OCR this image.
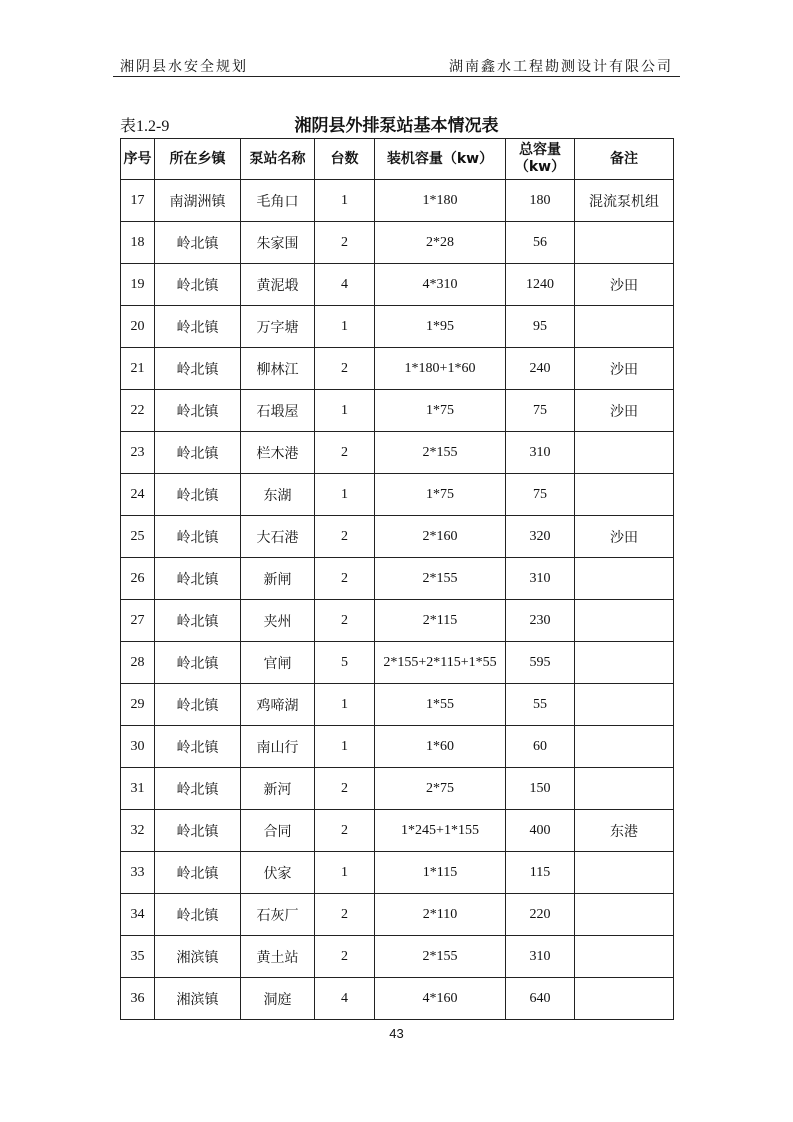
湘阴县水安全规划	湖南鑫水工程勘测设计有限公司
表1.2-9	湘阴县外排泵站基本情况表
序号	所在乡镇	泵站名称	台数	装机容量（kw）	总容量（kw）	备注
17	南湖洲镇	毛角口	1	1*180	180	混流泵机组
18	岭北镇	朱家围	2	2*28	56	
19	岭北镇	黄泥塅	4	4*310	1240	沙田
20	岭北镇	万字塘	1	1*95	95	
21	岭北镇	柳林江	2	1*180+1*60	240	沙田
22	岭北镇	石塅屋	1	1*75	75	沙田
23	岭北镇	栏木港	2	2*155	310	
24	岭北镇	东湖	1	1*75	75	
25	岭北镇	大石港	2	2*160	320	沙田
26	岭北镇	新闸	2	2*155	310	
27	岭北镇	夹州	2	2*115	230	
28	岭北镇	官闸	5	2*155+2*115+1*55	595	
29	岭北镇	鸡啼湖	1	1*55	55	
30	岭北镇	南山行	1	1*60	60	
31	岭北镇	新河	2	2*75	150	
32	岭北镇	合同	2	1*245+1*155	400	东港
33	岭北镇	伏家	1	1*115	115	
34	岭北镇	石灰厂	2	2*110	220	
35	湘滨镇	黄土站	2	2*155	310	
36	湘滨镇	洞庭	4	4*160	640	
43
